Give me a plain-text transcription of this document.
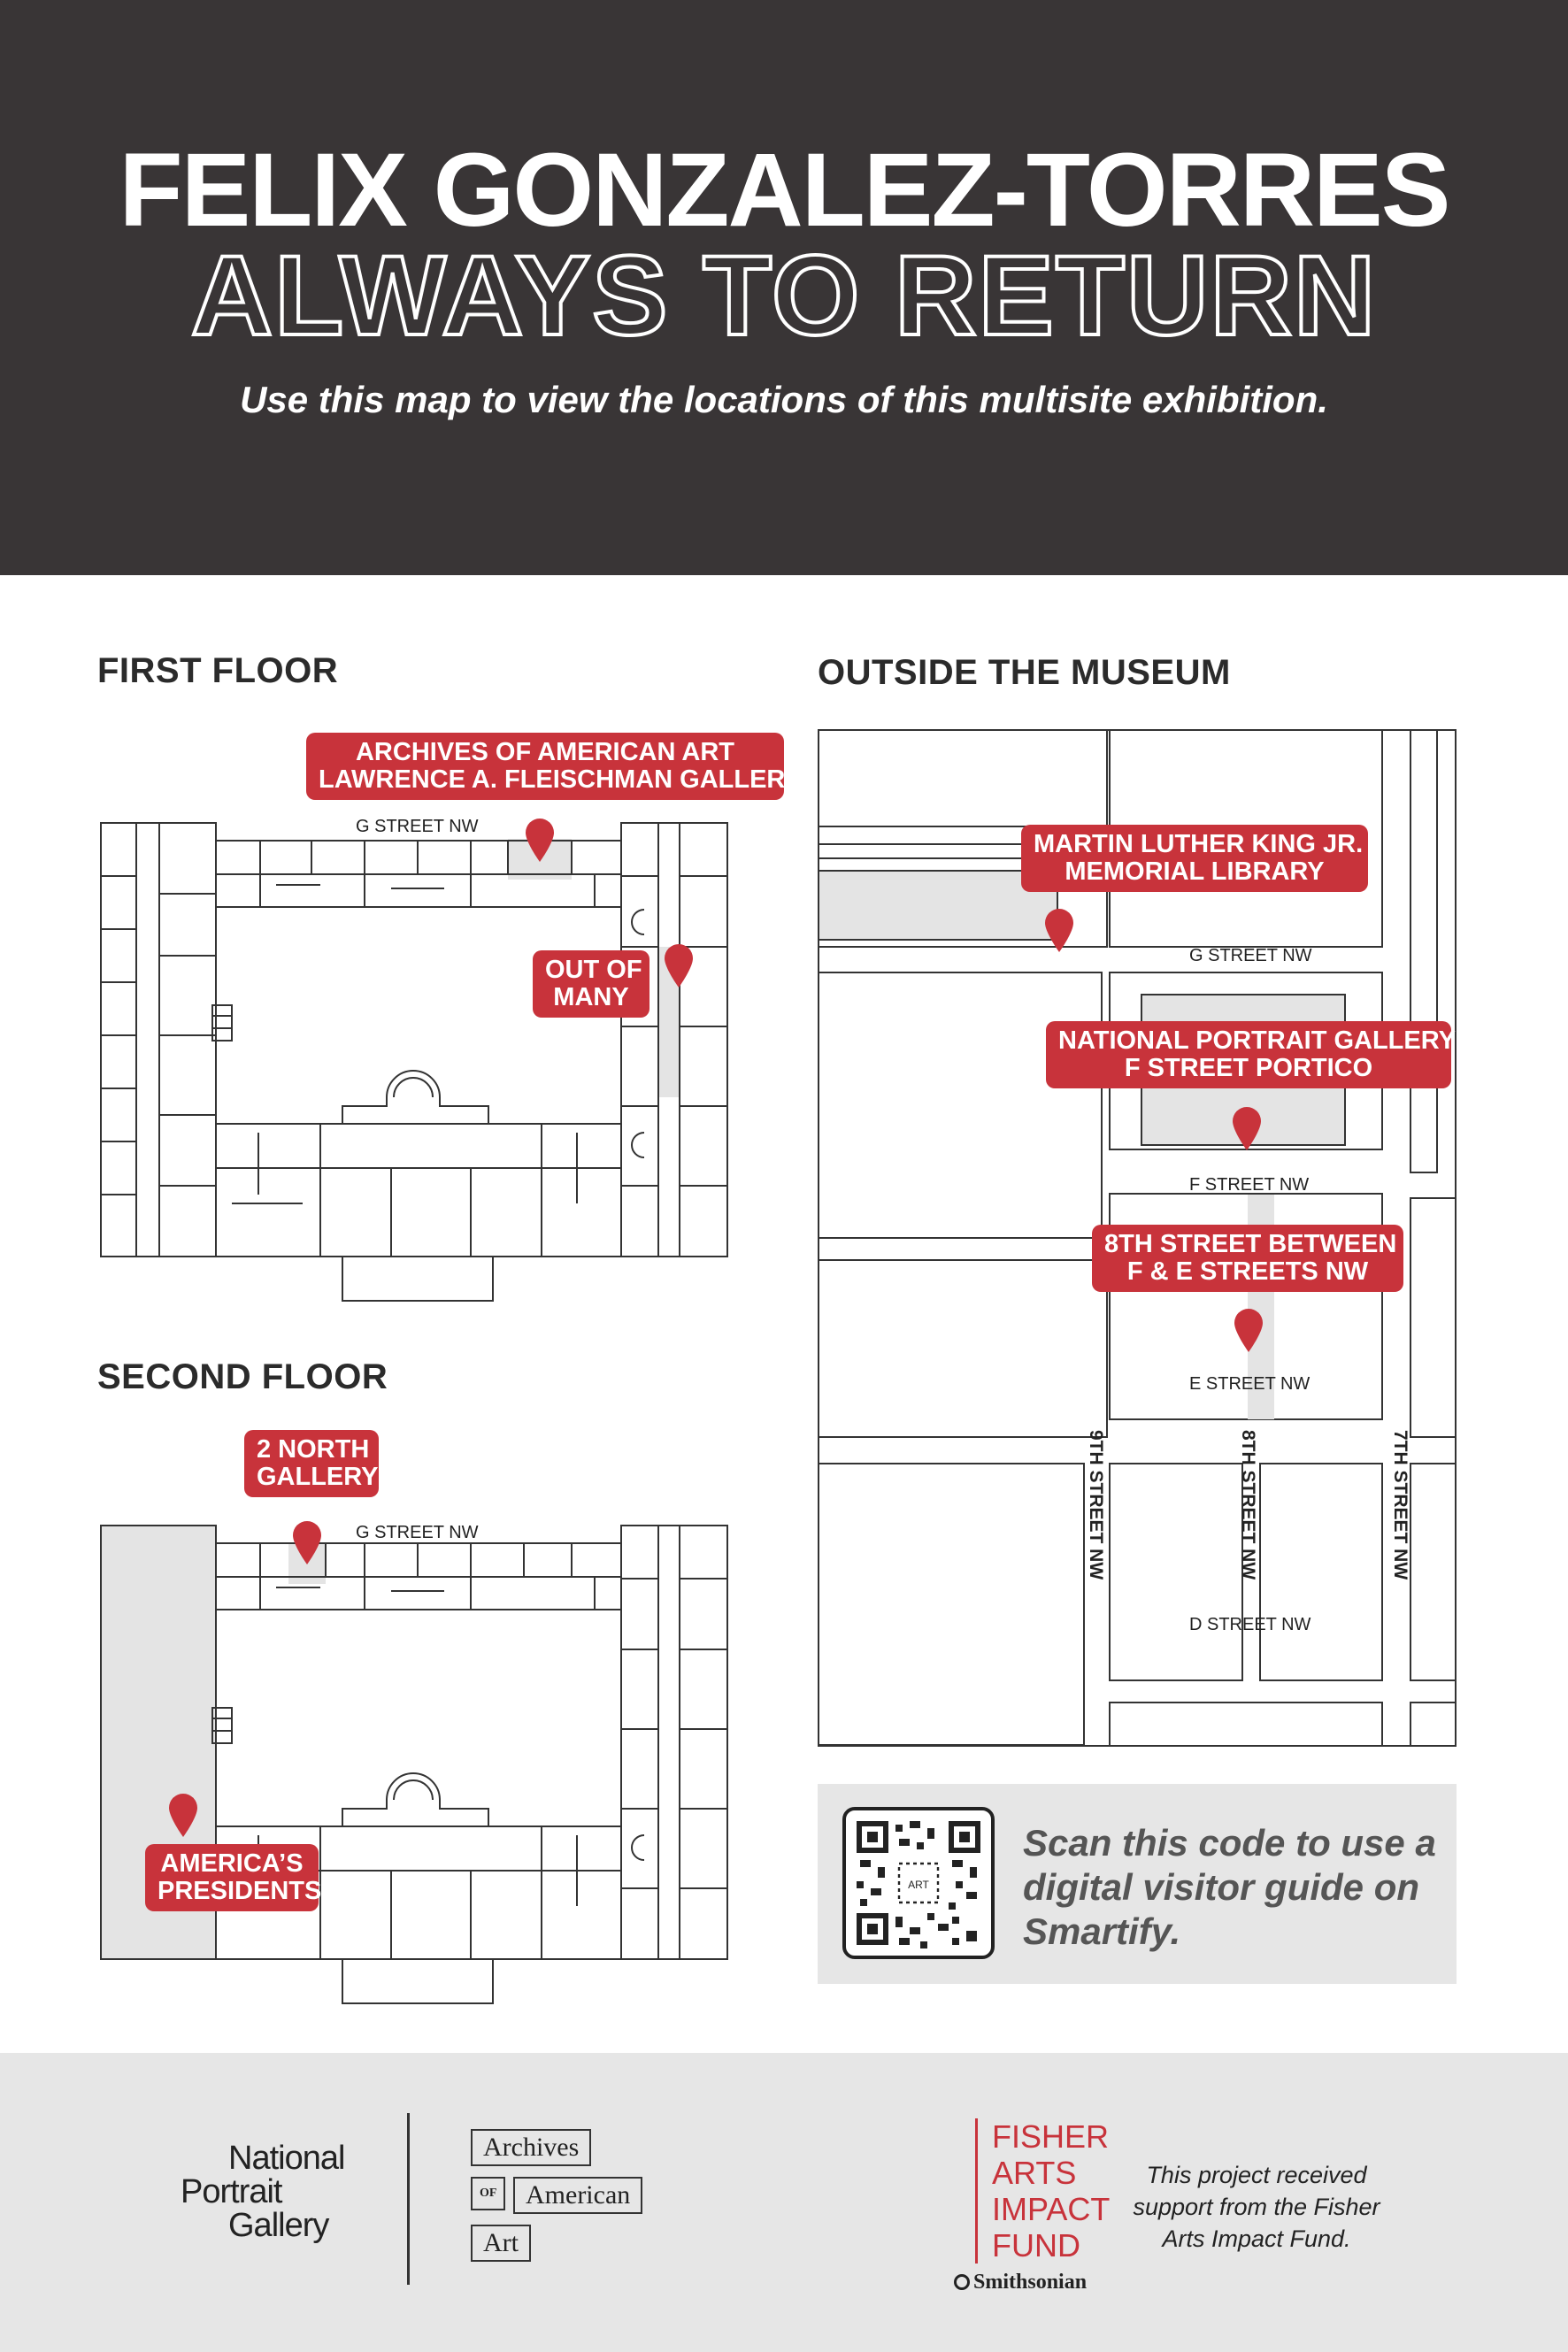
FELIX GONZALEZ-TORRES
ALWAYS TO RETURN
Use this map to view the locations of this multisite exhibition.
FIRST FLOOR
G STREET NW
ARCHIVES OF AMERICAN ART
LAWRENCE A. FLEISCHMAN GALLERY
OUT OF
MANY
SECOND FLOOR
G STREET NW
2 NORTH
GALLERY
AMERICA’S
PRESIDENTS
OUTSIDE THE MUSEUM
G STREET NW
F STREET NW
E STREET NW
D STREET NW
9TH STREET NW	8TH STREET NW	7TH STREET NW
MARTIN LUTHER KING JR.
MEMORIAL LIBRARY
NATIONAL PORTRAIT GALLERY
F STREET PORTICO
8TH STREET BETWEEN
F & E STREETS NW
ART
Scan this code to use a digital visitor guide on Smartify.
National
Portrait
Gallery
Archives
OF	American
Art
FISHER
ARTS
IMPACT
FUND
Smithsonian
This project received support from the Fisher Arts Impact Fund.
